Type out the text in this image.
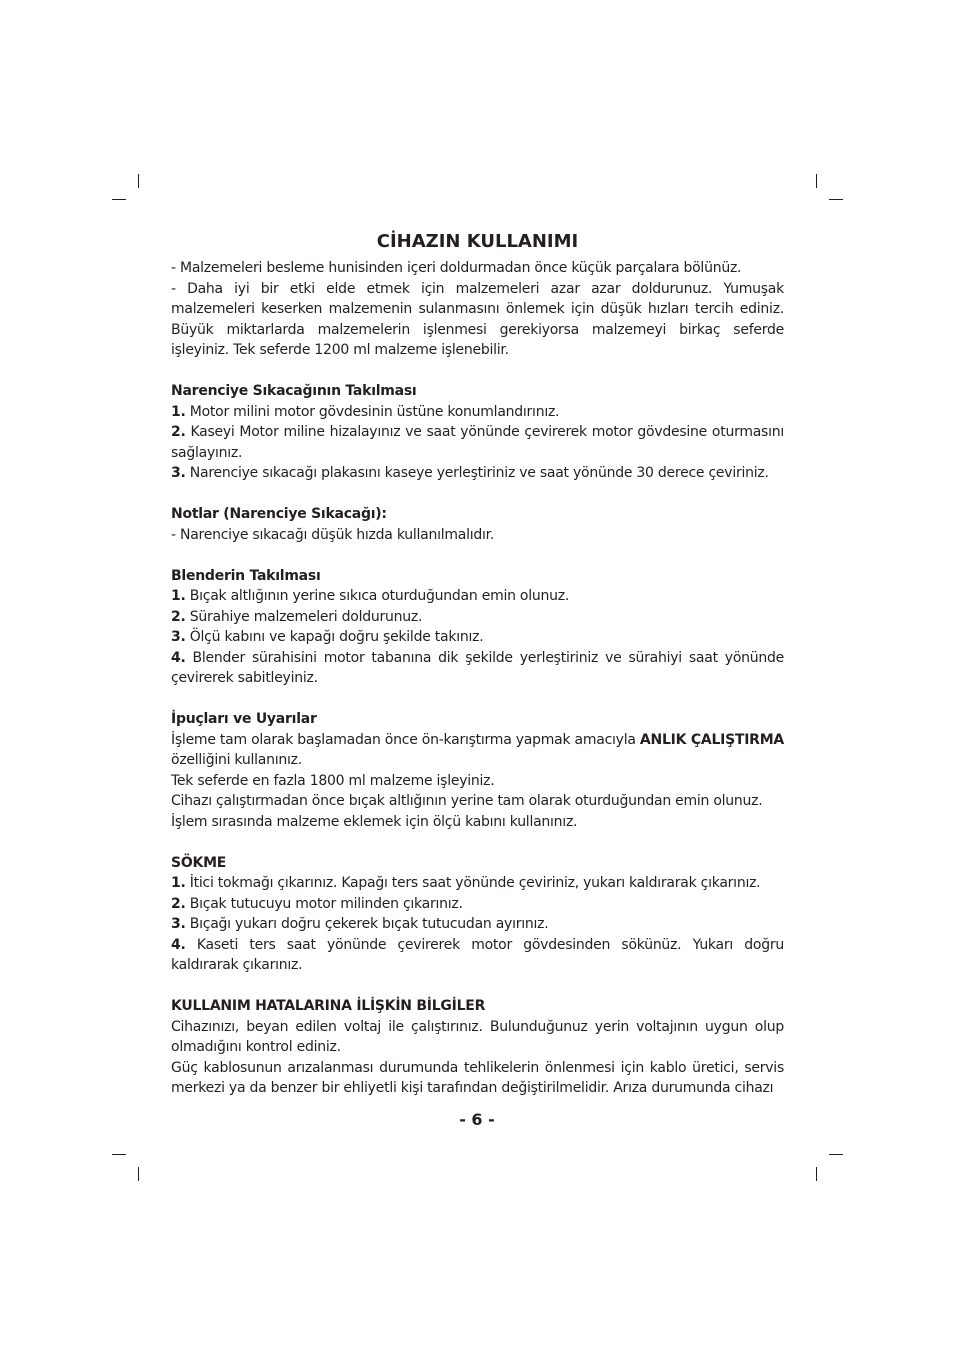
CİHAZIN KULLANIMI

- Malzemeleri besleme hunisinden içeri doldurmadan önce küçük parçalara bölünüz.

- Daha iyi bir etki elde etmek için malzemeleri azar azar doldurunuz. Yumuşak malzemeleri keserken malzemenin sulanmasını önlemek için düşük hızları tercih ediniz. Büyük miktarlarda malzemelerin işlenmesi gerekiyorsa malzemeyi birkaç seferde işleyiniz. Tek seferde 1200 ml malzeme işlenebilir.

Narenciye Sıkacağının Takılması

1. Motor milini motor gövdesinin üstüne konumlandırınız.

2. Kaseyi Motor miline hizalayınız ve saat yönünde çevirerek motor gövdesine oturmasını sağlayınız.

3. Narenciye sıkacağı plakasını kaseye yerleştiriniz ve saat yönünde 30 derece çeviriniz.

Notlar (Narenciye Sıkacağı):

- Narenciye sıkacağı düşük hızda kullanılmalıdır.

Blenderin Takılması

1. Bıçak altlığının yerine sıkıca oturduğundan emin olunuz.

2. Sürahiye malzemeleri doldurunuz.

3. Ölçü kabını ve kapağı doğru şekilde takınız.

4. Blender sürahisini motor tabanına dik şekilde yerleştiriniz ve sürahiyi saat yönünde çevirerek sabitleyiniz.

İpuçları ve Uyarılar

İşleme tam olarak başlamadan önce ön-karıştırma yapmak amacıyla ANLIK ÇALIŞTIRMA özelliğini kullanınız.

Tek seferde en fazla 1800 ml malzeme işleyiniz.

Cihazı çalıştırmadan önce bıçak altlığının yerine tam olarak oturduğundan emin olunuz.

İşlem sırasında malzeme eklemek için ölçü kabını kullanınız.

SÖKME

1. İtici tokmağı çıkarınız. Kapağı ters saat yönünde çeviriniz, yukarı kaldırarak çıkarınız.

2. Bıçak tutucuyu motor milinden çıkarınız.

3. Bıçağı yukarı doğru çekerek bıçak tutucudan ayırınız.

4. Kaseti ters saat yönünde çevirerek motor gövdesinden sökünüz. Yukarı doğru kaldırarak çıkarınız.

KULLANIM HATALARINA İLİŞKİN BİLGİLER

Cihazınızı, beyan edilen voltaj ile çalıştırınız. Bulunduğunuz yerin voltajının uygun olup olmadığını kontrol ediniz.

Güç kablosunun arızalanması durumunda tehlikelerin önlenmesi için kablo üretici, servis merkezi ya da benzer bir ehliyetli kişi tarafından değiştirilmelidir. Arıza durumunda cihazı

- 6 -
